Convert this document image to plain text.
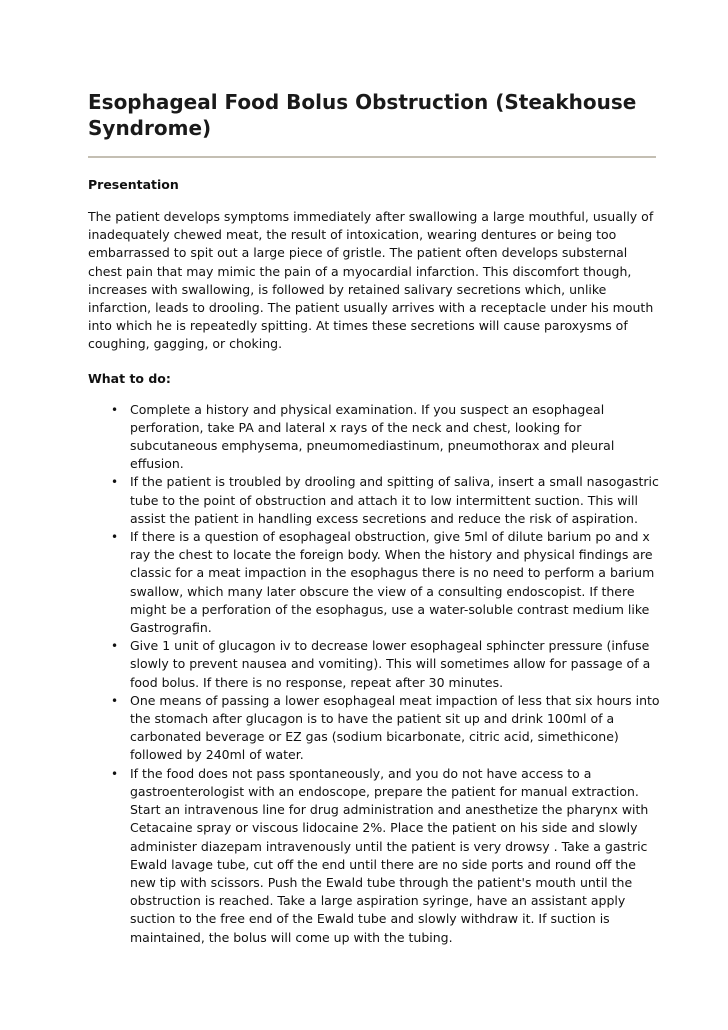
Esophageal Food Bolus Obstruction (Steakhouse Syndrome)
Presentation

The patient develops symptoms immediately after swallowing a large mouthful, usually of inadequately chewed meat, the result of intoxication, wearing dentures or being too embarrassed to spit out a large piece of gristle. The patient often develops substernal chest pain that may mimic the pain of a myocardial infarction. This discomfort though, increases with swallowing, is followed by retained salivary secretions which, unlike infarction, leads to drooling. The patient usually arrives with a receptacle under his mouth into which he is repeatedly spitting. At times these secretions will cause paroxysms of coughing, gagging, or choking.

What to do:
• Complete a history and physical examination. If you suspect an esophageal perforation, take PA and lateral x rays of the neck and chest, looking for subcutaneous emphysema, pneumomediastinum, pneumothorax and pleural effusion.
• If the patient is troubled by drooling and spitting of saliva, insert a small nasogastric tube to the point of obstruction and attach it to low intermittent suction. This will assist the patient in handling excess secretions and reduce the risk of aspiration.
• If there is a question of esophageal obstruction, give 5ml of dilute barium po and x ray the chest to locate the foreign body. When the history and physical findings are classic for a meat impaction in the esophagus there is no need to perform a barium swallow, which many later obscure the view of a consulting endoscopist. If there might be a perforation of the esophagus, use a water-soluble contrast medium like Gastrografin.
• Give 1 unit of glucagon iv to decrease lower esophageal sphincter pressure (infuse slowly to prevent nausea and vomiting). This will sometimes allow for passage of a food bolus. If there is no response, repeat after 30 minutes.
• One means of passing a lower esophageal meat impaction of less that six hours into the stomach after glucagon is to have the patient sit up and drink 100ml of a carbonated beverage or EZ gas (sodium bicarbonate, citric acid, simethicone) followed by 240ml of water.
• If the food does not pass spontaneously, and you do not have access to a gastroenterologist with an endoscope, prepare the patient for manual extraction. Start an intravenous line for drug administration and anesthetize the pharynx with Cetacaine spray or viscous lidocaine 2%. Place the patient on his side and slowly administer diazepam intravenously until the patient is very drowsy . Take a gastric Ewald lavage tube, cut off the end until there are no side ports and round off the new tip with scissors. Push the Ewald tube through the patient's mouth until the obstruction is reached. Take a large aspiration syringe, have an assistant apply suction to the free end of the Ewald tube and slowly withdraw it. If suction is maintained, the bolus will come up with the tubing.
